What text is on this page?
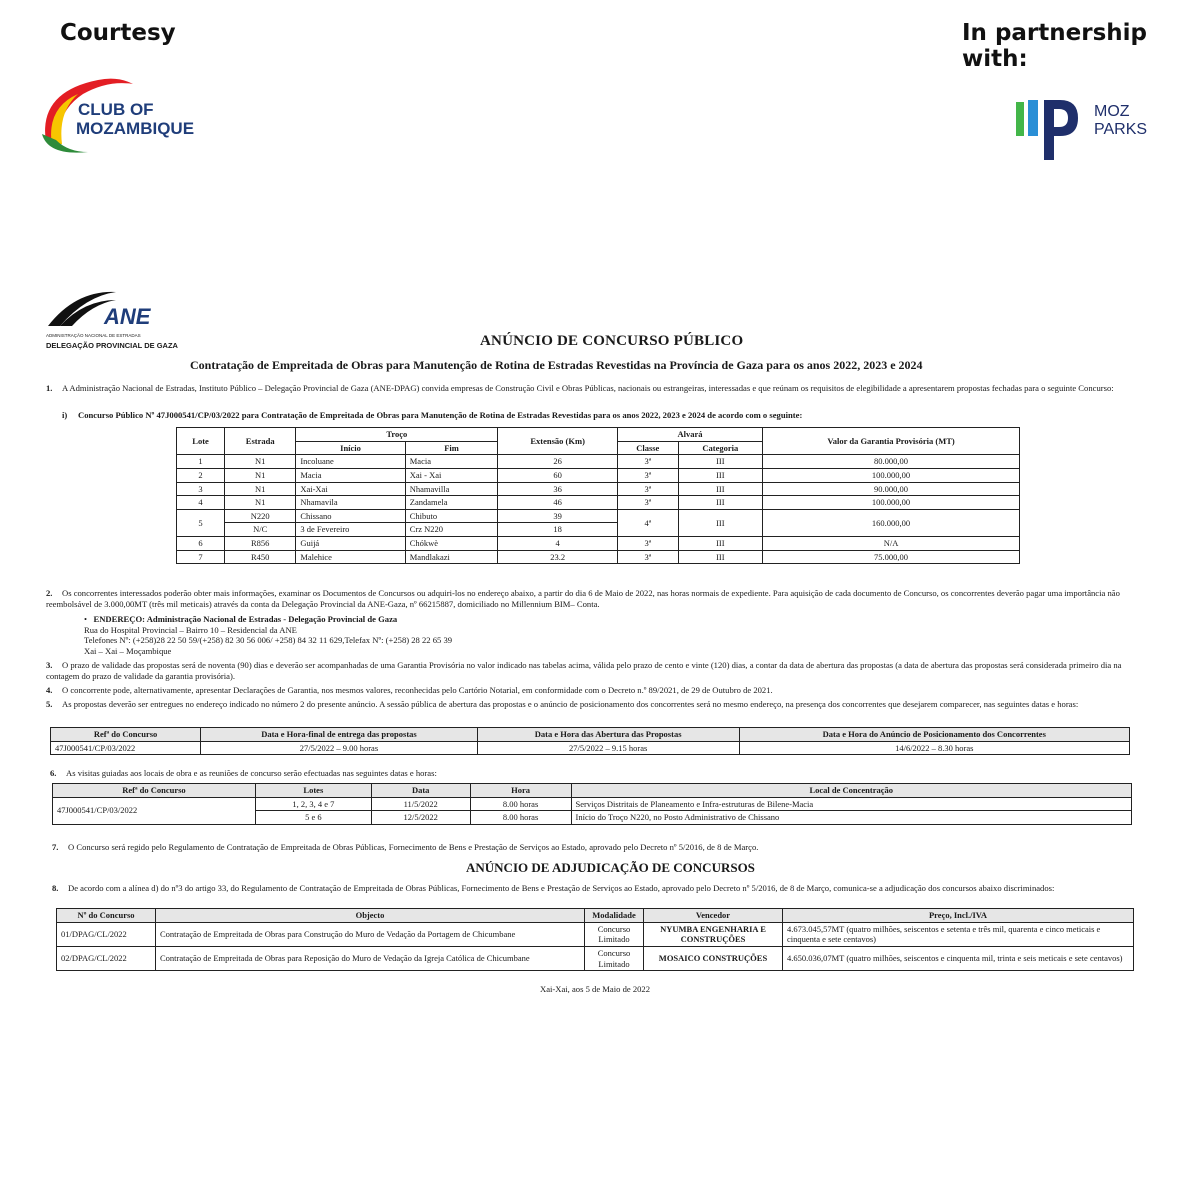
Courtesy	In partnership with:
CLUB OF
MOZAMBIQUE
MOZ
PARKS
ANE
ADMINISTRAÇÃO NACIONAL DE ESTRADAS
DELEGAÇÃO PROVINCIAL DE GAZA	ANÚNCIO DE CONCURSO PÚBLICO
Contratação de Empreitada de Obras para Manutenção de Rotina de Estradas Revestidas na Província de Gaza para os anos 2022, 2023 e 2024
1. A Administração Nacional de Estradas, Instituto Público – Delegação Provincial de Gaza (ANE-DPAG) convida empresas de Construção Civil e Obras Públicas, nacionais ou estrangeiras, interessadas e que reúnam os requisitos de elegibilidade a apresentarem propostas fechadas para o seguinte Concurso:
i) Concurso Público Nº 47J000541/CP/03/2022 para Contratação de Empreitada de Obras para Manutenção de Rotina de Estradas Revestidas para os anos 2022, 2023 e 2024 de acordo com o seguinte:
Lote	Estrada	Troço		Extensão (Km)	Alvará		Valor da Garantia Provisória (MT)
		Início	Fim		Classe	Categoria	
1	N1	Incoluane	Macia	26	3ª	III	80.000,00
2	N1	Macia	Xai - Xai	60	3ª	III	100.000,00
3	N1	Xai-Xai	Nhamavilla	36	3ª	III	90.000,00
4	N1	Nhamavila	Zandamela	46	3ª	III	100.000,00
5	N220	Chissano	Chibuto	39	4ª	III	160.000,00
	N/C	3 de Fevereiro	Crz N220	18			
6	R856	Guijá	Chókwè	4	3ª	III	N/A
7	R450	Malehice	Mandlakazi	23.2	3ª	III	75.000,00
2. Os concorrentes interessados poderão obter mais informações, examinar os Documentos de Concursos ou adquiri-los no endereço abaixo, a partir do dia 6 de Maio de 2022, nas horas normais de expediente. Para aquisição de cada documento de Concurso, os concorrentes deverão pagar uma importância não reembolsável de 3.000,00MT (três mil meticais) através da conta da Delegação Provincial da ANE-Gaza, nº 66215887, domiciliado no Millennium BIM– Conta.
•   ENDEREÇO: Administração Nacional de Estradas - Delegação Provincial de Gaza
Rua do Hospital Provincial – Bairro 10 – Residencial da ANE
Telefones Nº: (+258)28 22 50 59/(+258) 82 30 56 006/ +258) 84 32 11 629,Telefax Nº: (+258) 28 22 65 39
Xai – Xai – Moçambique
3. O prazo de validade das propostas será de noventa (90) dias e deverão ser acompanhadas de uma Garantia Provisória no valor indicado nas tabelas acima, válida pelo prazo de cento e vinte (120) dias, a contar da data de abertura das propostas (a data de abertura das propostas será considerada primeiro dia na contagem do prazo de validade da garantia provisória).
4. O concorrente pode, alternativamente, apresentar Declarações de Garantia, nos mesmos valores, reconhecidas pelo Cartório Notarial, em conformidade com o Decreto n.º 89/2021, de 29 de Outubro de 2021.
5. As propostas deverão ser entregues no endereço indicado no número 2 do presente anúncio. A sessão pública de abertura das propostas e o anúncio de posicionamento dos concorrentes será no mesmo endereço, na presença dos concorrentes que desejarem comparecer, nas seguintes datas e horas:
Refª do Concurso	Data e Hora-final de entrega das propostas	Data e Hora das Abertura das Propostas	Data e Hora do Anúncio de Posicionamento dos Concorrentes
47J000541/CP/03/2022	27/5/2022 – 9.00 horas	27/5/2022 – 9.15 horas	14/6/2022 – 8.30 horas
6. As visitas guiadas aos locais de obra e as reuniões de concurso serão efectuadas nas seguintes datas e horas:
Refª do Concurso	Lotes	Data	Hora	Local de Concentração
47J000541/CP/03/2022	1, 2, 3, 4 e 7	11/5/2022	8.00 horas	Serviços Distritais de Planeamento e Infra-estruturas de Bilene-Macia
	5 e 6	12/5/2022	8.00 horas	Início do Troço N220, no Posto Administrativo de Chissano
7. O Concurso será regido pelo Regulamento de Contratação de Empreitada de Obras Públicas, Fornecimento de Bens e Prestação de Serviços ao Estado, aprovado pelo Decreto nº 5/2016, de 8 de Março.
ANÚNCIO DE ADJUDICAÇÃO DE CONCURSOS
8. De acordo com a alínea d) do nº3 do artigo 33, do Regulamento de Contratação de Empreitada de Obras Públicas, Fornecimento de Bens e Prestação de Serviços ao Estado, aprovado pelo Decreto nº 5/2016, de 8 de Março, comunica-se a adjudicação dos concursos abaixo discriminados:
Nº do Concurso	Objecto	Modalidade	Vencedor	Preço, Incl./IVA
01/DPAG/CL/2022	Contratação de Empreitada de Obras para Construção do Muro de Vedação da Portagem de Chicumbane	Concurso Limitado	NYUMBA ENGENHARIA E CONSTRUÇÕES	4.673.045,57MT (quatro milhões, seiscentos e setenta e três mil, quarenta e cinco meticais e cinquenta e sete centavos)
02/DPAG/CL/2022	Contratação de Empreitada de Obras para Reposição do Muro de Vedação da Igreja Católica de Chicumbane	Concurso Limitado	MOSAICO CONSTRUÇÕES	4.650.036,07MT (quatro milhões, seiscentos e cinquenta mil, trinta e seis meticais e sete centavos)
Xai-Xai, aos 5 de Maio de 2022
